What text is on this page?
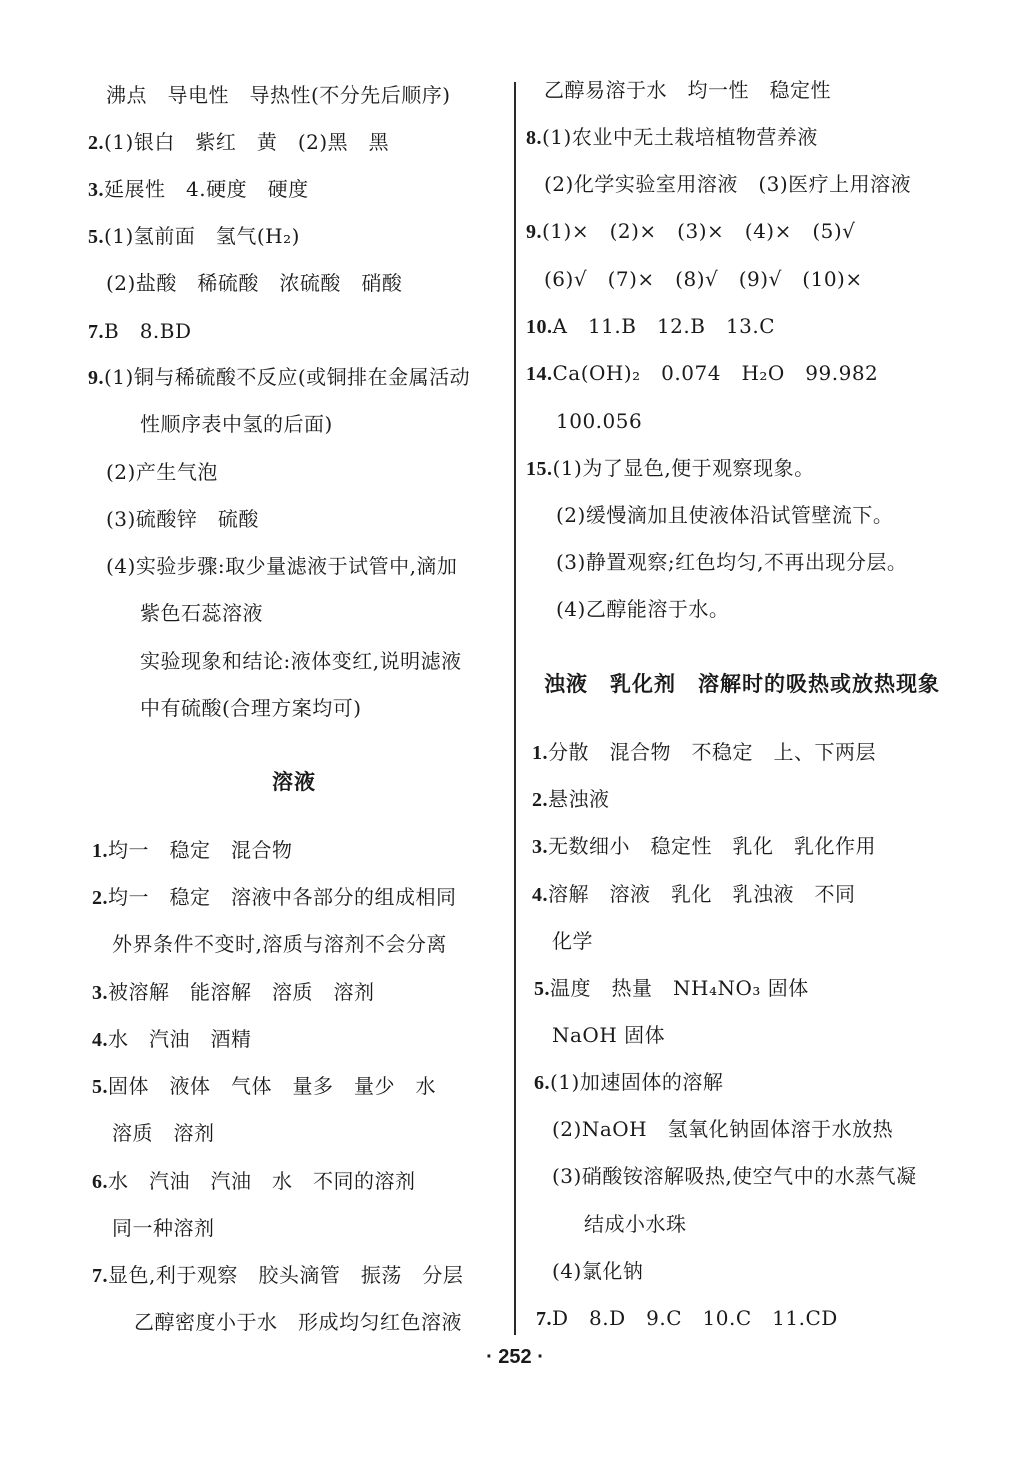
沸点　导电性　导热性(不分先后顺序)
2.(1)银白　紫红　黄　(2)黑　黑
3.延展性　4.硬度　硬度
5.(1)氢前面　氢气(H₂)
(2)盐酸　稀硫酸　浓硫酸　硝酸
7.B　8.BD
9.(1)铜与稀硫酸不反应(或铜排在金属活动
性顺序表中氢的后面)
(2)产生气泡
(3)硫酸锌　硫酸
(4)实验步骤:取少量滤液于试管中,滴加
紫色石蕊溶液
实验现象和结论:液体变红,说明滤液
中有硫酸(合理方案均可)
溶液
1.均一　稳定　混合物
2.均一　稳定　溶液中各部分的组成相同
外界条件不变时,溶质与溶剂不会分离
3.被溶解　能溶解　溶质　溶剂
4.水　汽油　酒精
5.固体　液体　气体　量多　量少　水
溶质　溶剂
6.水　汽油　汽油　水　不同的溶剂
同一种溶剂
7.显色,利于观察　胶头滴管　振荡　分层
乙醇密度小于水　形成均匀红色溶液
乙醇易溶于水　均一性　稳定性
8.(1)农业中无土栽培植物营养液
(2)化学实验室用溶液　(3)医疗上用溶液
9.(1)×　(2)×　(3)×　(4)×　(5)√
(6)√　(7)×　(8)√　(9)√　(10)×
10.A　11.B　12.B　13.C
14.Ca(OH)₂　0.074　H₂O　99.982
100.056
15.(1)为了显色,便于观察现象。
(2)缓慢滴加且使液体沿试管壁流下。
(3)静置观察;红色均匀,不再出现分层。
(4)乙醇能溶于水。
浊液　乳化剂　溶解时的吸热或放热现象
1.分散　混合物　不稳定　上、下两层
2.悬浊液
3.无数细小　稳定性　乳化　乳化作用
4.溶解　溶液　乳化　乳浊液　不同
化学
5.温度　热量　NH₄NO₃ 固体
NaOH 固体
6.(1)加速固体的溶解
(2)NaOH　氢氧化钠固体溶于水放热
(3)硝酸铵溶解吸热,使空气中的水蒸气凝
结成小水珠
(4)氯化钠
7.D　8.D　9.C　10.C　11.CD
· 252 ·
